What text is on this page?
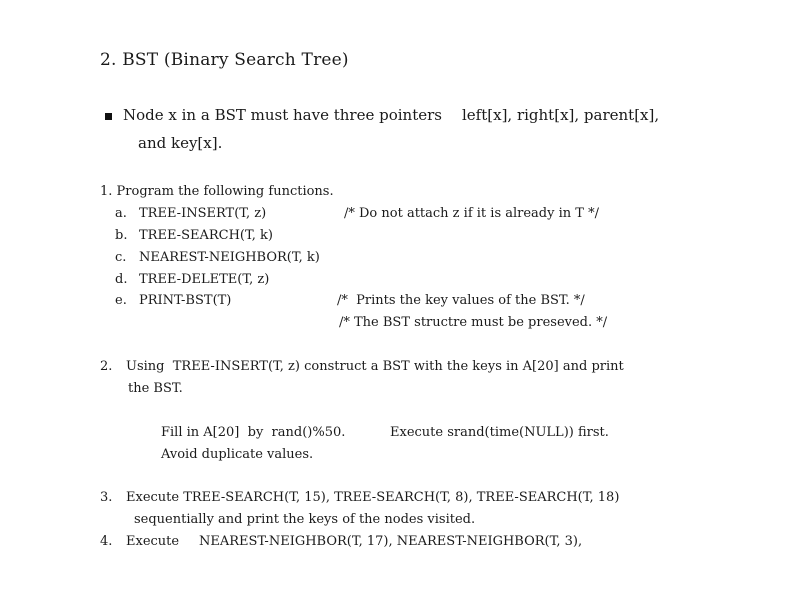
2. BST (Binary Search Tree)
Node x in a BST must have three pointers left[x], right[x], parent[x],
and key[x].
1. Program the following functions.
a. TREE-INSERT(T, z)	/* Do not attach z if it is already in T */
b. TREE-SEARCH(T, k)
c. NEAREST-NEIGHBOR(T, k)
d. TREE-DELETE(T, z)
e. PRINT-BST(T)	/*  Prints the key values of the BST. */
/* The BST structre must be preseved. */
2. Using  TREE-INSERT(T, z) construct a BST with the keys in A[20] and print
the BST.
Fill in A[20]  by  rand()%50.	Execute srand(time(NULL)) first.
Avoid duplicate values.
3. Execute TREE-SEARCH(T, 15), TREE-SEARCH(T, 8), TREE-SEARCH(T, 18)
sequentially and print the keys of the nodes visited.
4. Execute NEAREST-NEIGHBOR(T, 17), NEAREST-NEIGHBOR(T, 3),
